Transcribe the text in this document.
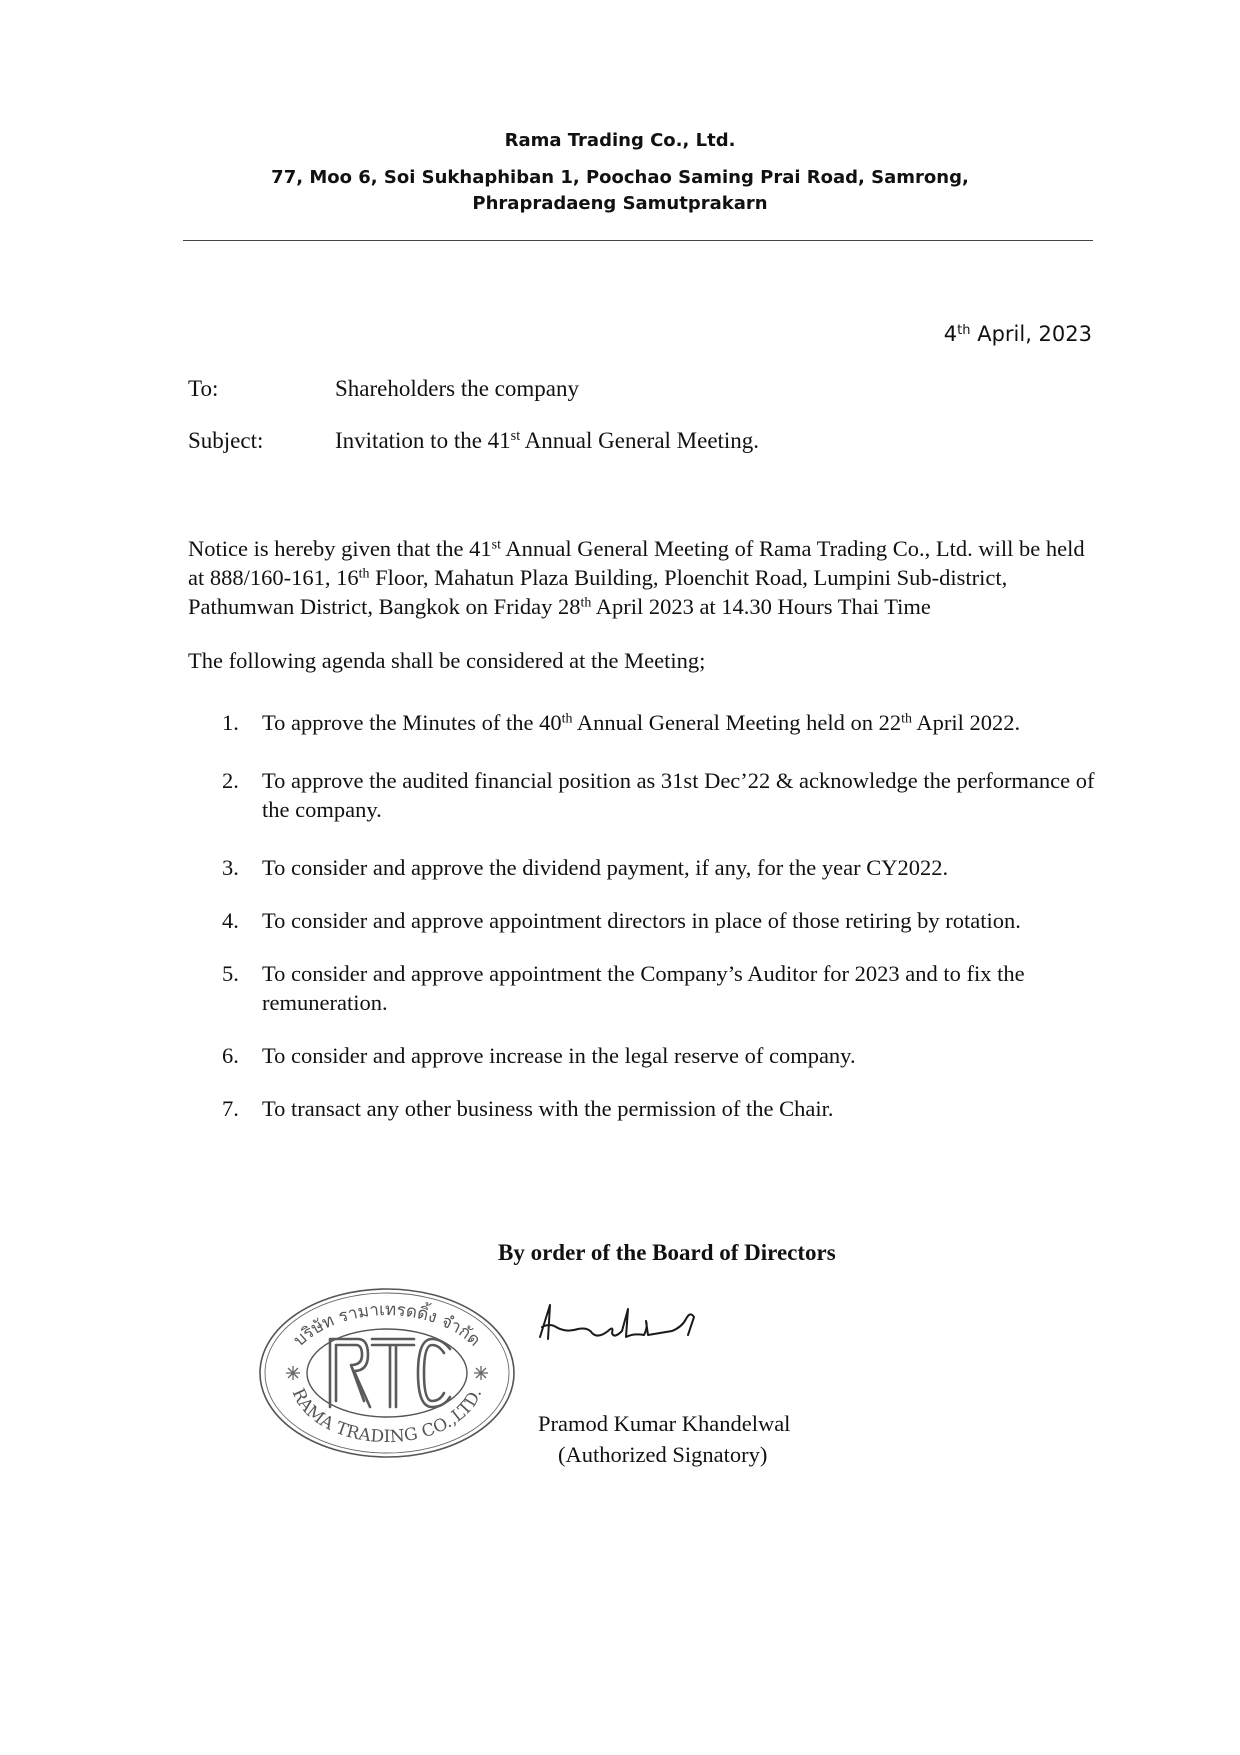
Rama Trading Co., Ltd.
77, Moo 6, Soi Sukhaphiban 1, Poochao Saming Prai Road, Samrong,
Phrapradaeng Samutprakarn
4th April, 2023
To:	Shareholders the company
Subject:	Invitation to the 41st Annual General Meeting.
Notice is hereby given that the 41st Annual General Meeting of Rama Trading Co., Ltd. will be held at 888/160-161, 16th Floor, Mahatun Plaza Building, Ploenchit Road, Lumpini Sub-district, Pathumwan District, Bangkok on Friday 28th April 2023 at 14.30 Hours Thai Time
The following agenda shall be considered at the Meeting;
1. To approve the Minutes of the 40th Annual General Meeting held on 22th April 2022.
2. To approve the audited financial position as 31st Dec’22 & acknowledge the performance of the company.
3. To consider and approve the dividend payment, if any, for the year CY2022.
4. To consider and approve appointment directors in place of those retiring by rotation.
5. To consider and approve appointment the Company’s Auditor for 2023 and to fix the remuneration.
6. To consider and approve increase in the legal reserve of company.
7. To transact any other business with the permission of the Chair.
By order of the Board of Directors
บริษัท รามาเทรดดิ้ง จำกัด
RAMA TRADING CO.,LTD.
Pramod Kumar Khandelwal
(Authorized Signatory)
